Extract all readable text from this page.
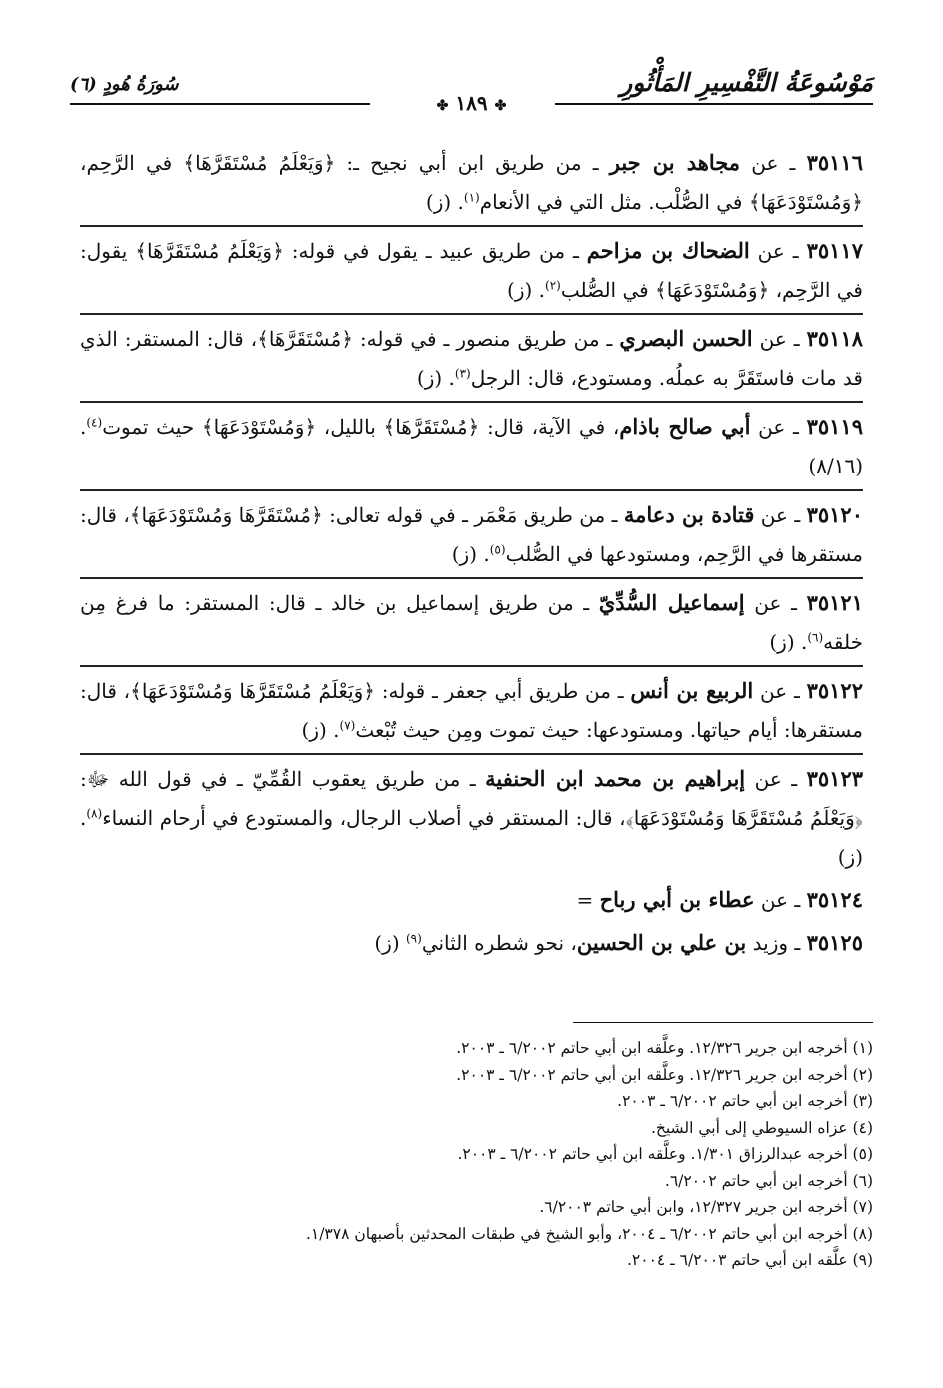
مَوْسُوعَةُ التَّفْسِيرِ المَأْثُورِ
سُورَةُ هُودٍ (٦)
✤ ١٨٩ ✤

٣٥١١٦ ـ عن مجاهد بن جبر ـ من طريق ابن أبي نجيح ـ: ﴿وَيَعْلَمُ مُسْتَقَرَّهَا﴾ في الرَّحِم، ﴿وَمُسْتَوْدَعَهَا﴾ في الصُّلْب. مثل التي في الأنعام$^{(١)}$. (ز)

٣٥١١٧ ـ عن الضحاك بن مزاحم ـ من طريق عبيد ـ يقول في قوله: ﴿وَيَعْلَمُ مُسْتَقَرَّهَا﴾ يقول: في الرَّحِم، ﴿وَمُسْتَوْدَعَهَا﴾ في الصُّلب$^{(٢)}$. (ز)

٣٥١١٨ ـ عن الحسن البصري ـ من طريق منصور ـ في قوله: ﴿مُسْتَقَرَّهَا﴾، قال: المستقر: الذي قد مات فاستَقَرَّ به عملُه. ومستودع، قال: الرجل$^{(٣)}$. (ز)

٣٥١١٩ ـ عن أبي صالح باذام، في الآية، قال: ﴿مُسْتَقَرَّهَا﴾ بالليل، ﴿وَمُسْتَوْدَعَهَا﴾ حيث تموت$^{(٤)}$. (٨/١٦)

٣٥١٢٠ ـ عن قتادة بن دعامة ـ من طريق مَعْمَر ـ في قوله تعالى: ﴿مُسْتَقَرَّهَا وَمُسْتَوْدَعَهَا﴾، قال: مستقرها في الرَّحِم، ومستودعها في الصُّلب$^{(٥)}$. (ز)

٣٥١٢١ ـ عن إسماعيل السُّدِّيّ ـ من طريق إسماعيل بن خالد ـ قال: المستقر: ما فرغ مِن خلقه$^{(٦)}$. (ز)

٣٥١٢٢ ـ عن الربيع بن أنس ـ من طريق أبي جعفر ـ قوله: ﴿وَيَعْلَمُ مُسْتَقَرَّهَا وَمُسْتَوْدَعَهَا﴾، قال: مستقرها: أيام حياتها. ومستودعها: حيث تموت ومِن حيث تُبْعث$^{(٧)}$. (ز)

٣٥١٢٣ ـ عن إبراهيم بن محمد ابن الحنفية ـ من طريق يعقوب القُمِّيّ ـ في قول الله ﷻ: ﴿وَيَعْلَمُ مُسْتَقَرَّهَا وَمُسْتَوْدَعَهَا﴾، قال: المستقر في أصلاب الرجال، والمستودع في أرحام النساء$^{(٨)}$. (ز)

٣٥١٢٤ ـ عن عطاء بن أبي رباح =

٣٥١٢٥ ـ وزيد بن علي بن الحسين، نحو شطره الثاني$^{(٩)}$ (ز)

(١) أخرجه ابن جرير ١٢/٣٢٦. وعلَّقه ابن أبي حاتم ٦/٢٠٠٢ ـ ٢٠٠٣.

(٢) أخرجه ابن جرير ١٢/٣٢٦. وعلَّقه ابن أبي حاتم ٦/٢٠٠٢ ـ ٢٠٠٣.

(٣) أخرجه ابن أبي حاتم ٦/٢٠٠٢ ـ ٢٠٠٣.

(٤) عزاه السيوطي إلى أبي الشيخ.

(٥) أخرجه عبدالرزاق ١/٣٠١. وعلَّقه ابن أبي حاتم ٦/٢٠٠٢ ـ ٢٠٠٣.

(٦) أخرجه ابن أبي حاتم ٦/٢٠٠٢.

(٧) أخرجه ابن جرير ١٢/٣٢٧، وابن أبي حاتم ٦/٢٠٠٣.

(٨) أخرجه ابن أبي حاتم ٦/٢٠٠٢ ـ ٢٠٠٤، وأبو الشيخ في طبقات المحدثين بأصبهان ١/٣٧٨.

(٩) علَّقه ابن أبي حاتم ٦/٢٠٠٣ ـ ٢٠٠٤.
